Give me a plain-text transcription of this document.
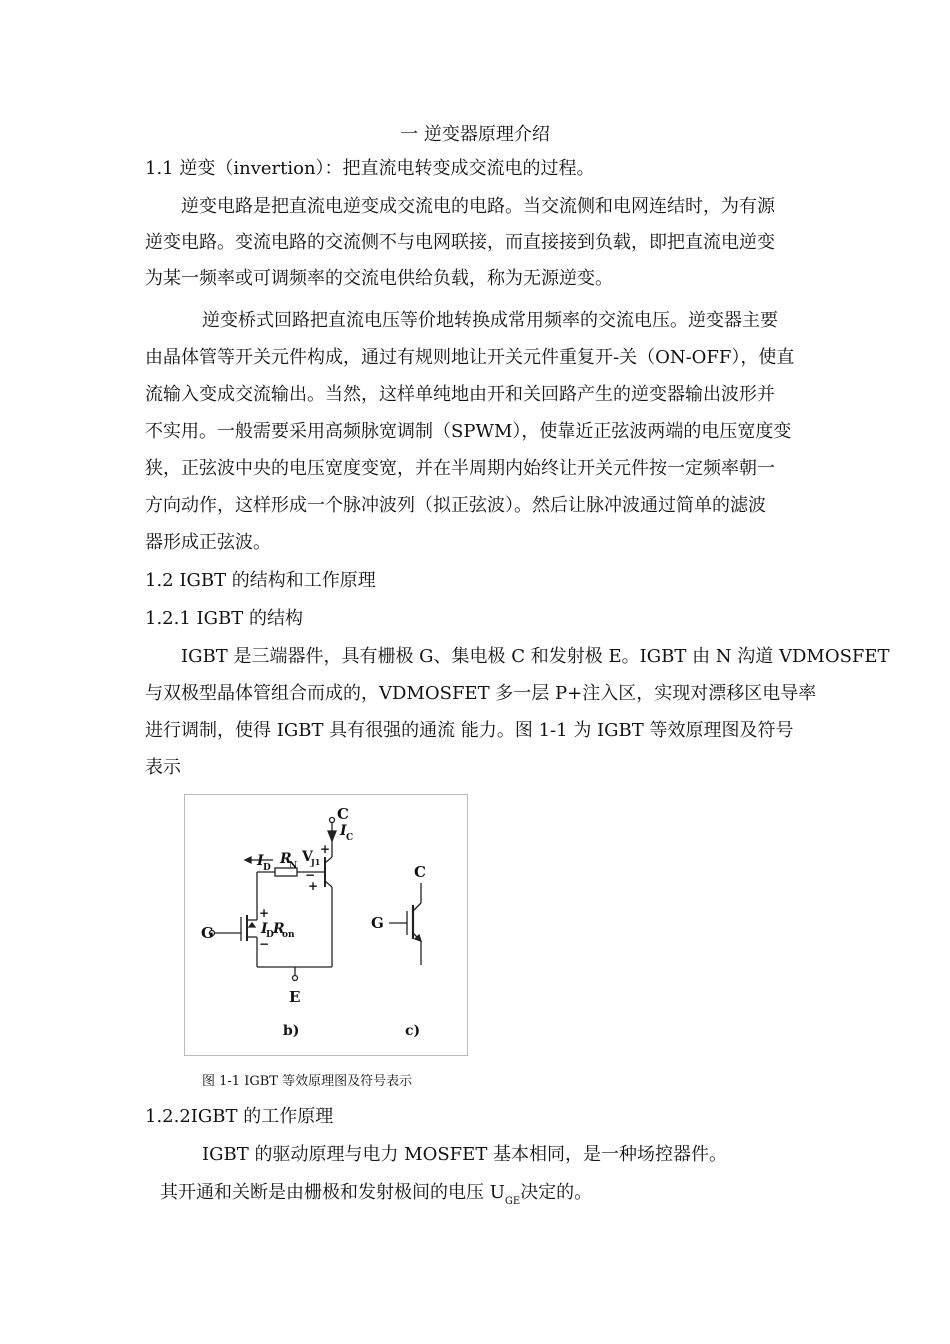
一 逆变器原理介绍
1.1 逆变（invertion）：把直流电转变成交流电的过程。
逆变电路是把直流电逆变成交流电的电路。当交流侧和电网连结时，为有源
逆变电路。变流电路的交流侧不与电网联接，而直接接到负载，即把直流电逆变
为某一频率或可调频率的交流电供给负载，称为无源逆变。
逆变桥式回路把直流电压等价地转换成常用频率的交流电压。逆变器主要
由晶体管等开关元件构成，通过有规则地让开关元件重复开-关（ON-OFF），使直
流输入变成交流输出。当然，这样单纯地由开和关回路产生的逆变器输出波形并
不实用。一般需要采用高频脉宽调制（SPWM），使靠近正弦波两端的电压宽度变
狭，正弦波中央的电压宽度变宽，并在半周期内始终让开关元件按一定频率朝一
方向动作，这样形成一个脉冲波列（拟正弦波）。然后让脉冲波通过简单的滤波
器形成正弦波。
1.2 IGBT 的结构和工作原理
1.2.1 IGBT 的结构
IGBT 是三端器件，具有栅极 G、集电极 C 和发射极 E。IGBT 由 N 沟道 VDMOSFET
与双极型晶体管组合而成的，VDMOSFET 多一层 P+注入区，实现对漂移区电导率
进行调制，使得 IGBT 具有很强的通流 能力。图 1-1 为 IGBT 等效原理图及符号
表示
C
I C
I D
R
N
V
J1
+
+
−
G
+
I
D R
on
−
E
b)	c)
C
G
图 1-1 IGBT 等效原理图及符号表示
1.2.2IGBT 的工作原理
IGBT 的驱动原理与电力 MOSFET 基本相同，是一种场控器件。
其开通和关断是由栅极和发射极间的电压 $U_{GE}$决定的。
